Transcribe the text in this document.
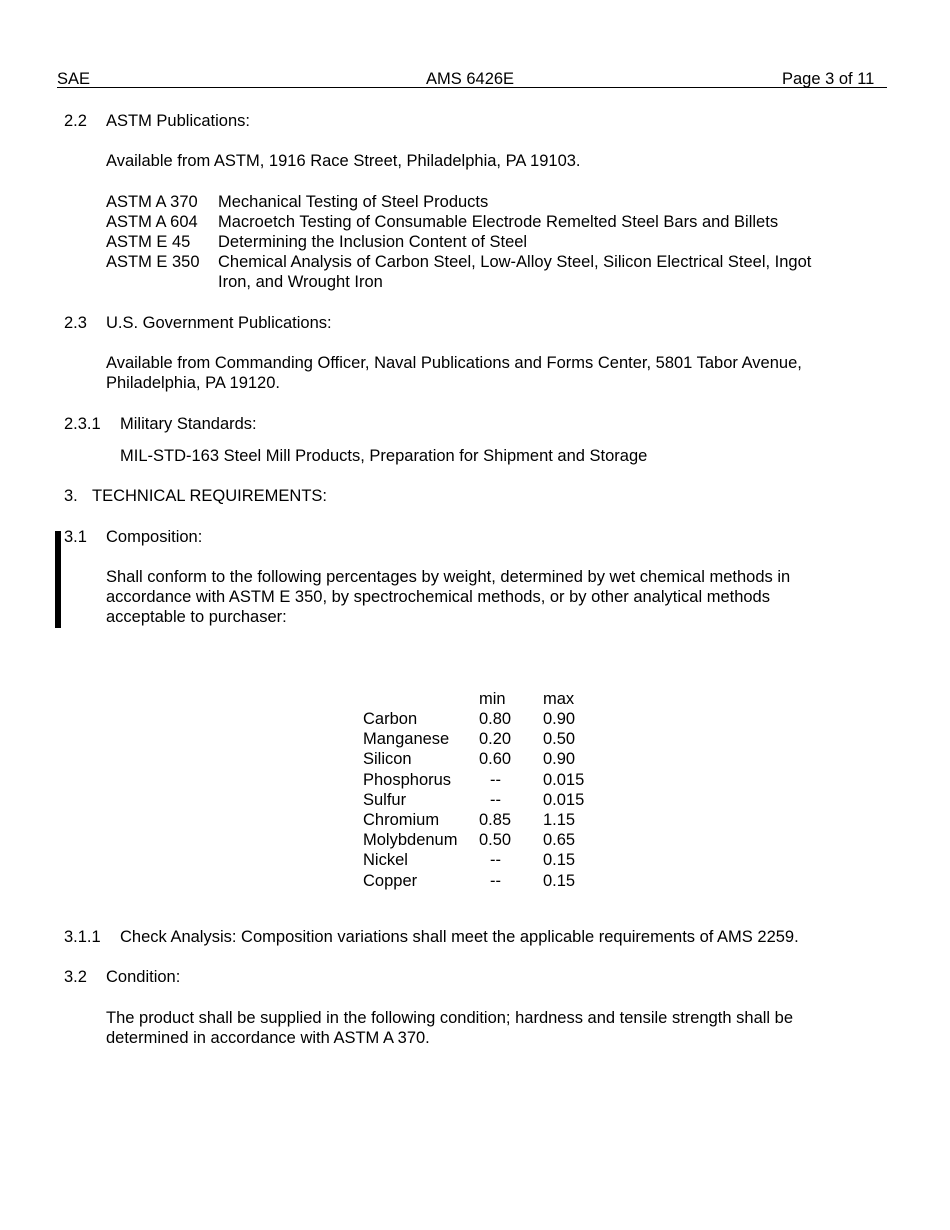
SAE	AMS 6426E	Page 3 of 11
2.2 ASTM Publications:
Available from ASTM, 1916 Race Street, Philadelphia, PA 19103.
ASTM A 370 Mechanical Testing of Steel Products
ASTM A 604 Macroetch Testing of Consumable Electrode Remelted Steel Bars and Billets
ASTM E 45 Determining the Inclusion Content of Steel
ASTM E 350 Chemical Analysis of Carbon Steel, Low-Alloy Steel, Silicon Electrical Steel, Ingot
Iron, and Wrought Iron
2.3 U.S. Government Publications:
Available from Commanding Officer, Naval Publications and Forms Center, 5801 Tabor Avenue,
Philadelphia, PA 19120.
2.3.1 Military Standards:
MIL-STD-163 Steel Mill Products, Preparation for Shipment and Storage
3. TECHNICAL REQUIREMENTS:
3.1 Composition:
Shall conform to the following percentages by weight, determined by wet chemical methods in
accordance with ASTM E 350, by spectrochemical methods, or by other analytical methods
acceptable to purchaser:
	min	max
Carbon	0.80	0.90
Manganese	0.20	0.50
Silicon	0.60	0.90
Phosphorus	--	0.015
Sulfur	--	0.015
Chromium	0.85	1.15
Molybdenum	0.50	0.65
Nickel	--	0.15
Copper	--	0.15
3.1.1 Check Analysis: Composition variations shall meet the applicable requirements of AMS 2259.
3.2 Condition:
The product shall be supplied in the following condition; hardness and tensile strength shall be
determined in accordance with ASTM A 370.
